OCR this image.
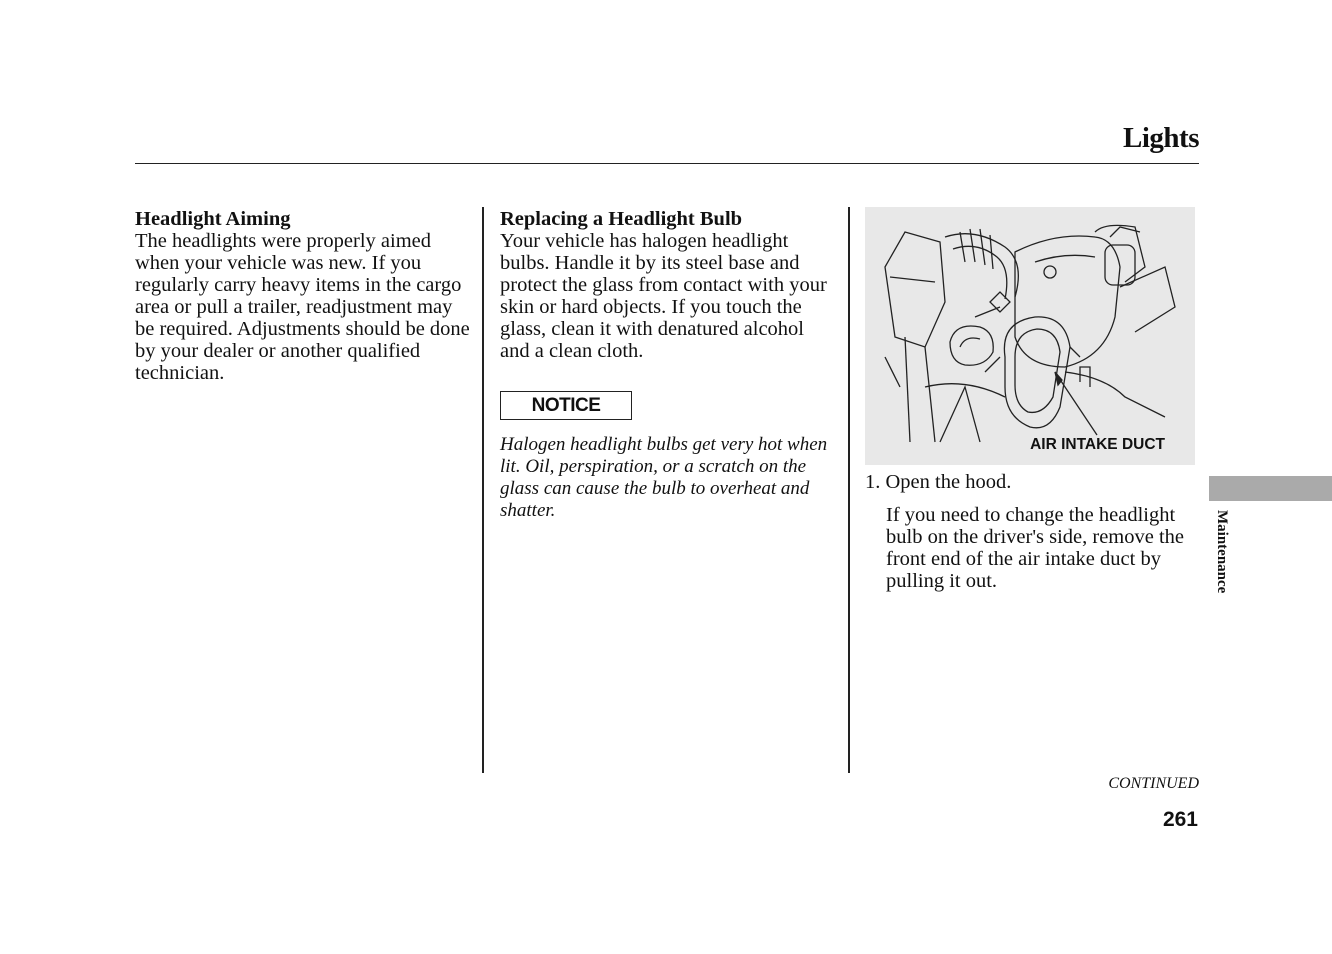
Lights
Headlight Aiming

The headlights were properly aimed when your vehicle was new. If you regularly carry heavy items in the cargo area or pull a trailer, readjustment may be required. Adjustments should be done by your dealer or another qualified technician.

Replacing a Headlight Bulb

Your vehicle has halogen headlight bulbs. Handle it by its steel base and protect the glass from contact with your skin or hard objects. If you touch the glass, clean it with denatured alcohol and a clean cloth.

NOTICE

Halogen headlight bulbs get very hot when lit. Oil, perspiration, or a scratch on the glass can cause the bulb to overheat and shatter.

AIR INTAKE DUCT

1. Open the hood.

If you need to change the headlight bulb on the driver's side, remove the front end of the air intake duct by pulling it out.

CONTINUED
261
Maintenance
